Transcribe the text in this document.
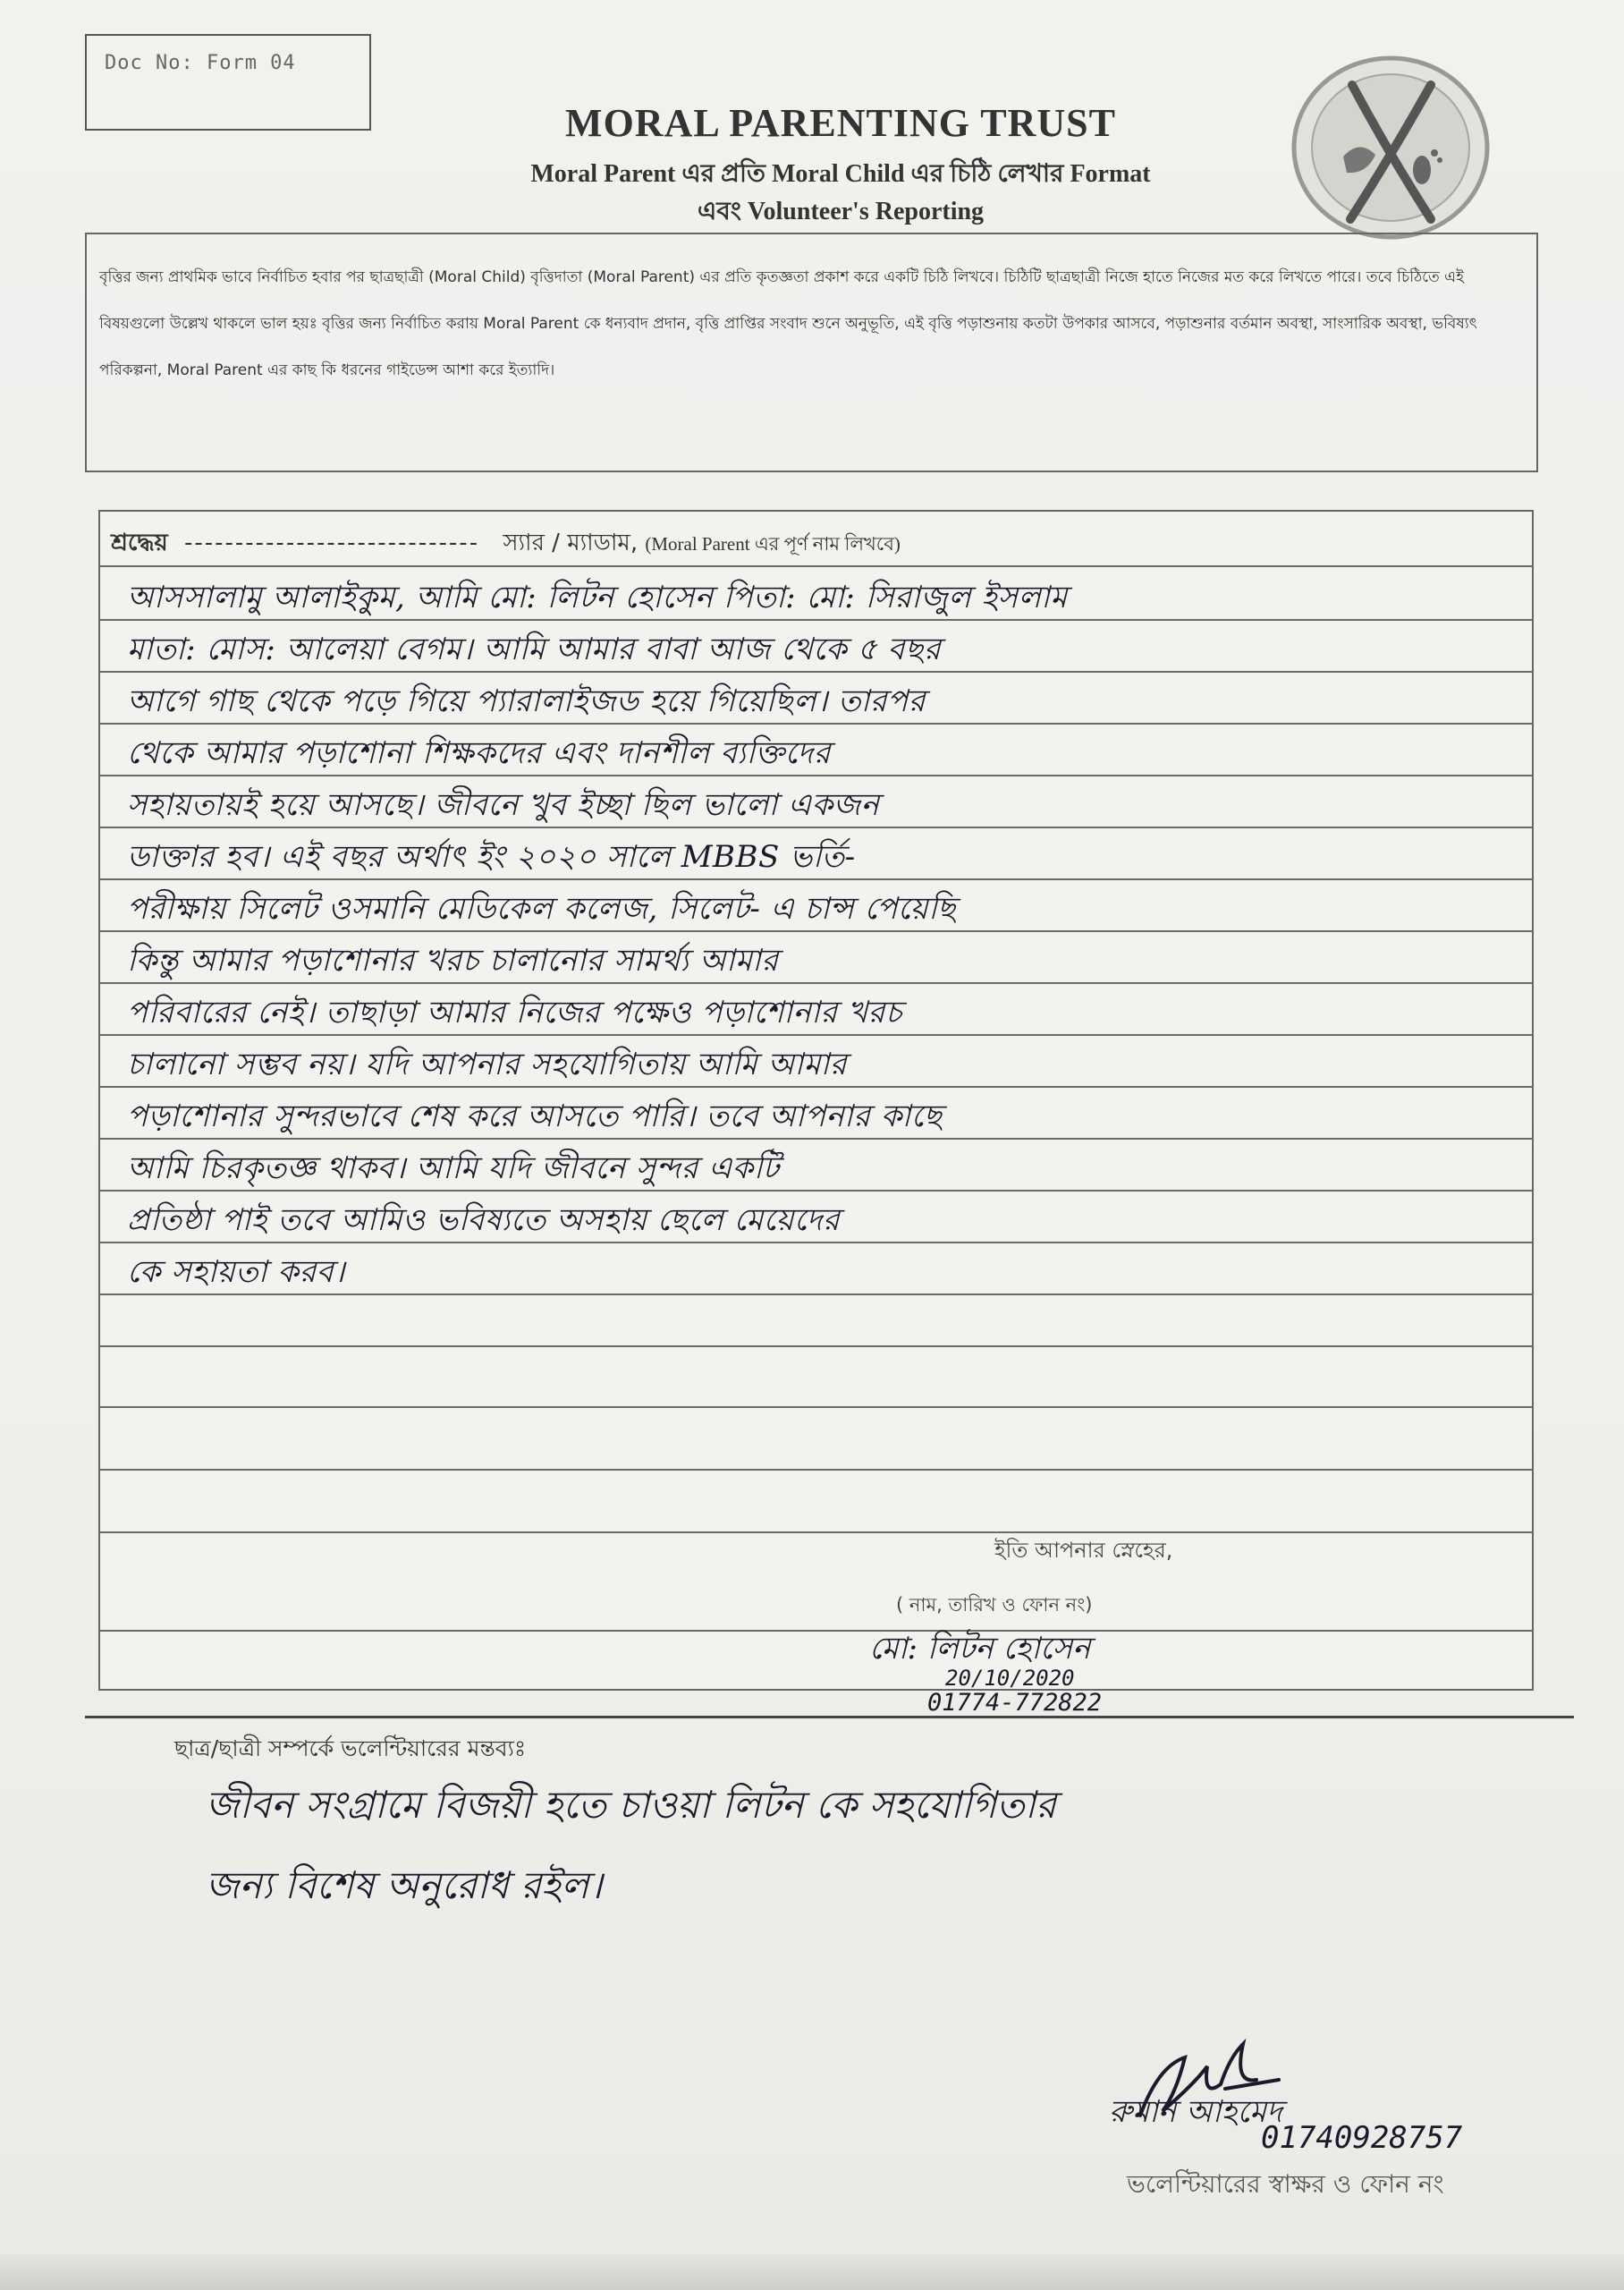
Doc No: Form 04
MORAL PARENTING TRUST
Moral Parent এর প্রতি Moral Child এর চিঠি লেখার Format
এবং Volunteer's Reporting
বৃত্তির জন্য প্রাথমিক ভাবে নির্বাচিত হবার পর ছাত্রছাত্রী (Moral Child) বৃত্তিদাতা (Moral Parent) এর প্রতি কৃতজ্ঞতা প্রকাশ করে একটি চিঠি লিখবে। চিঠিটি ছাত্রছাত্রী নিজে হাতে নিজের মত করে লিখতে পারে। তবে চিঠিতে এই বিষয়গুলো উল্লেখ থাকলে ভাল হয়ঃ বৃত্তির জন্য নির্বাচিত করায় Moral Parent কে ধন্যবাদ প্রদান, বৃত্তি প্রাপ্তির সংবাদ শুনে অনুভূতি, এই বৃত্তি পড়াশুনায় কতটা উপকার আসবে, পড়াশুনার বর্তমান অবস্থা, সাংসারিক অবস্থা, ভবিষ্যৎ পরিকল্পনা, Moral Parent এর কাছ কি ধরনের গাইডেন্স আশা করে ইত্যাদি।
শ্রদ্ধেয় ----------------------------- স্যার / ম্যাডাম, (Moral Parent এর পূর্ণ নাম লিখবে)
আসসালামু আলাইকুম, আমি মো: লিটন হোসেন পিতা: মো: সিরাজুল ইসলাম
মাতা: মোস: আলেয়া বেগম। আমি আমার বাবা আজ থেকে ৫ বছর
আগে গাছ থেকে পড়ে গিয়ে প্যারালাইজড হয়ে গিয়েছিল। তারপর
থেকে আমার পড়াশোনা শিক্ষকদের এবং দানশীল ব্যক্তিদের
সহায়তায়ই হয়ে আসছে। জীবনে খুব ইচ্ছা ছিল ভালো একজন
ডাক্তার হব। এই বছর অর্থাৎ ইং ২০২০ সালে MBBS ভর্তি-
পরীক্ষায় সিলেট ওসমানি মেডিকেল কলেজ, সিলেট- এ চান্স পেয়েছি
কিন্তু আমার পড়াশোনার খরচ চালানোর সামর্থ্য আমার
পরিবারের নেই। তাছাড়া আমার নিজের পক্ষেও পড়াশোনার খরচ
চালানো সম্ভব নয়। যদি আপনার সহযোগিতায় আমি আমার
পড়াশোনার সুন্দরভাবে শেষ করে আসতে পারি। তবে আপনার কাছে
আমি চিরকৃতজ্ঞ থাকব। আমি যদি জীবনে সুন্দর একটি
প্রতিষ্ঠা পাই তবে আমিও ভবিষ্যতে অসহায় ছেলে মেয়েদের
কে সহায়তা করব।
ইতি আপনার স্নেহের,
( নাম, তারিখ ও ফোন নং)
মো: লিটন হোসেন
20/10/2020
01774-772822
ছাত্র/ছাত্রী সম্পর্কে ভলেন্টিয়ারের মন্তব্যঃ
জীবন সংগ্রামে বিজয়ী হতে চাওয়া লিটন কে সহযোগিতার
জন্য বিশেষ অনুরোধ রইল।
রুমান আহমেদ
01740928757
ভলেন্টিয়ারের স্বাক্ষর ও ফোন নং
